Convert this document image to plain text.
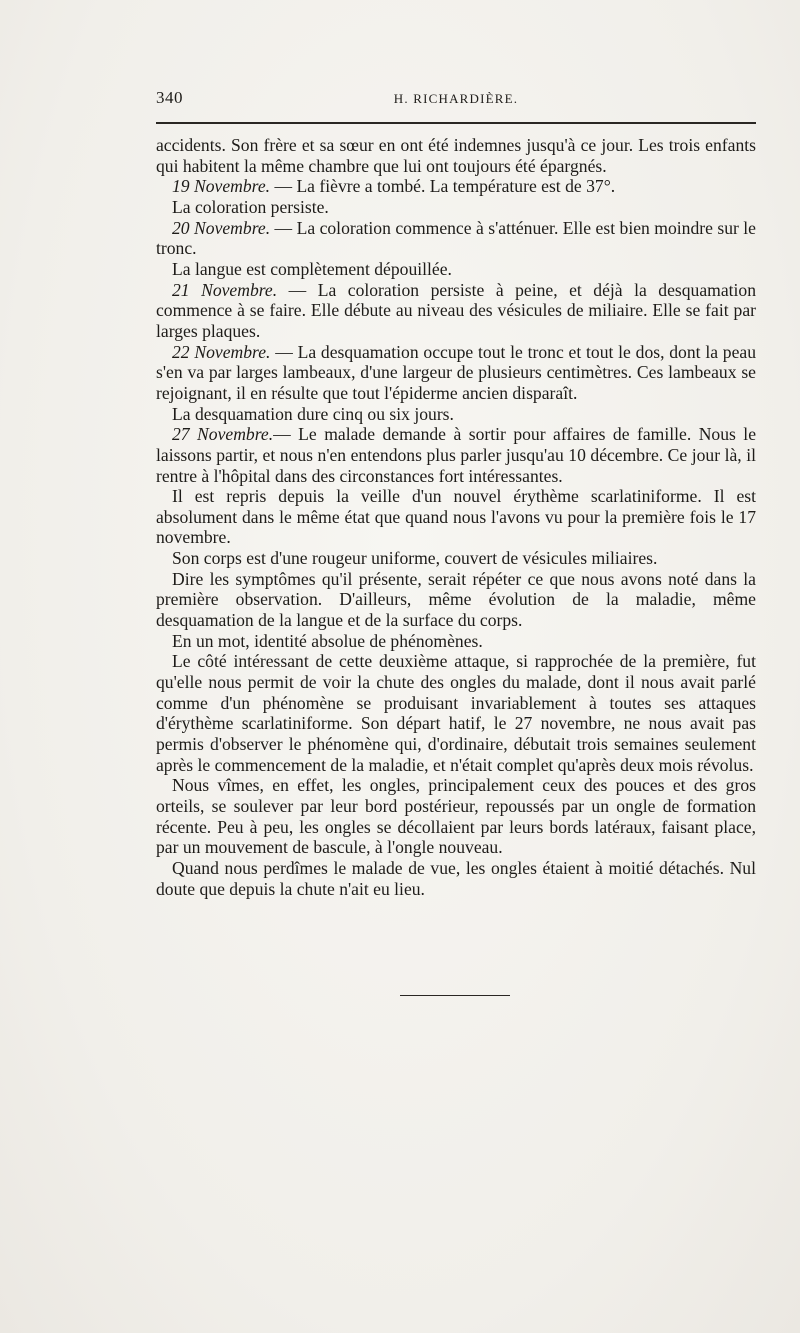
340	H. RICHARDIÈRE.

accidents. Son frère et sa sœur en ont été indemnes jusqu'à ce jour. Les trois enfants qui habitent la même chambre que lui ont toujours été épargnés.

19 Novembre. — La fièvre a tombé. La température est de 37°.

La coloration persiste.

20 Novembre. — La coloration commence à s'atténuer. Elle est bien moindre sur le tronc.

La langue est complètement dépouillée.

21 Novembre. — La coloration persiste à peine, et déjà la desquamation commence à se faire. Elle débute au niveau des vésicules de miliaire. Elle se fait par larges plaques.

22 Novembre. — La desquamation occupe tout le tronc et tout le dos, dont la peau s'en va par larges lambeaux, d'une largeur de plusieurs centimètres. Ces lambeaux se rejoignant, il en résulte que tout l'épiderme ancien disparaît.

La desquamation dure cinq ou six jours.

27 Novembre.— Le malade demande à sortir pour affaires de famille. Nous le laissons partir, et nous n'en entendons plus parler jusqu'au 10 décembre. Ce jour là, il rentre à l'hôpital dans des circonstances fort intéressantes.

Il est repris depuis la veille d'un nouvel érythème scarlatiniforme. Il est absolument dans le même état que quand nous l'avons vu pour la première fois le 17 novembre.

Son corps est d'une rougeur uniforme, couvert de vésicules miliaires.

Dire les symptômes qu'il présente, serait répéter ce que nous avons noté dans la première observation. D'ailleurs, même évolution de la maladie, même desquamation de la langue et de la surface du corps.

En un mot, identité absolue de phénomènes.

Le côté intéressant de cette deuxième attaque, si rapprochée de la première, fut qu'elle nous permit de voir la chute des ongles du malade, dont il nous avait parlé comme d'un phénomène se produisant invariablement à toutes ses attaques d'érythème scarlatiniforme. Son départ hatif, le 27 novembre, ne nous avait pas permis d'observer le phénomène qui, d'ordinaire, débutait trois semaines seulement après le commencement de la maladie, et n'était complet qu'après deux mois révolus.

Nous vîmes, en effet, les ongles, principalement ceux des pouces et des gros orteils, se soulever par leur bord postérieur, repoussés par un ongle de formation récente. Peu à peu, les ongles se décollaient par leurs bords latéraux, faisant place, par un mouvement de bascule, à l'ongle nouveau.

Quand nous perdîmes le malade de vue, les ongles étaient à moitié détachés. Nul doute que depuis la chute n'ait eu lieu.
